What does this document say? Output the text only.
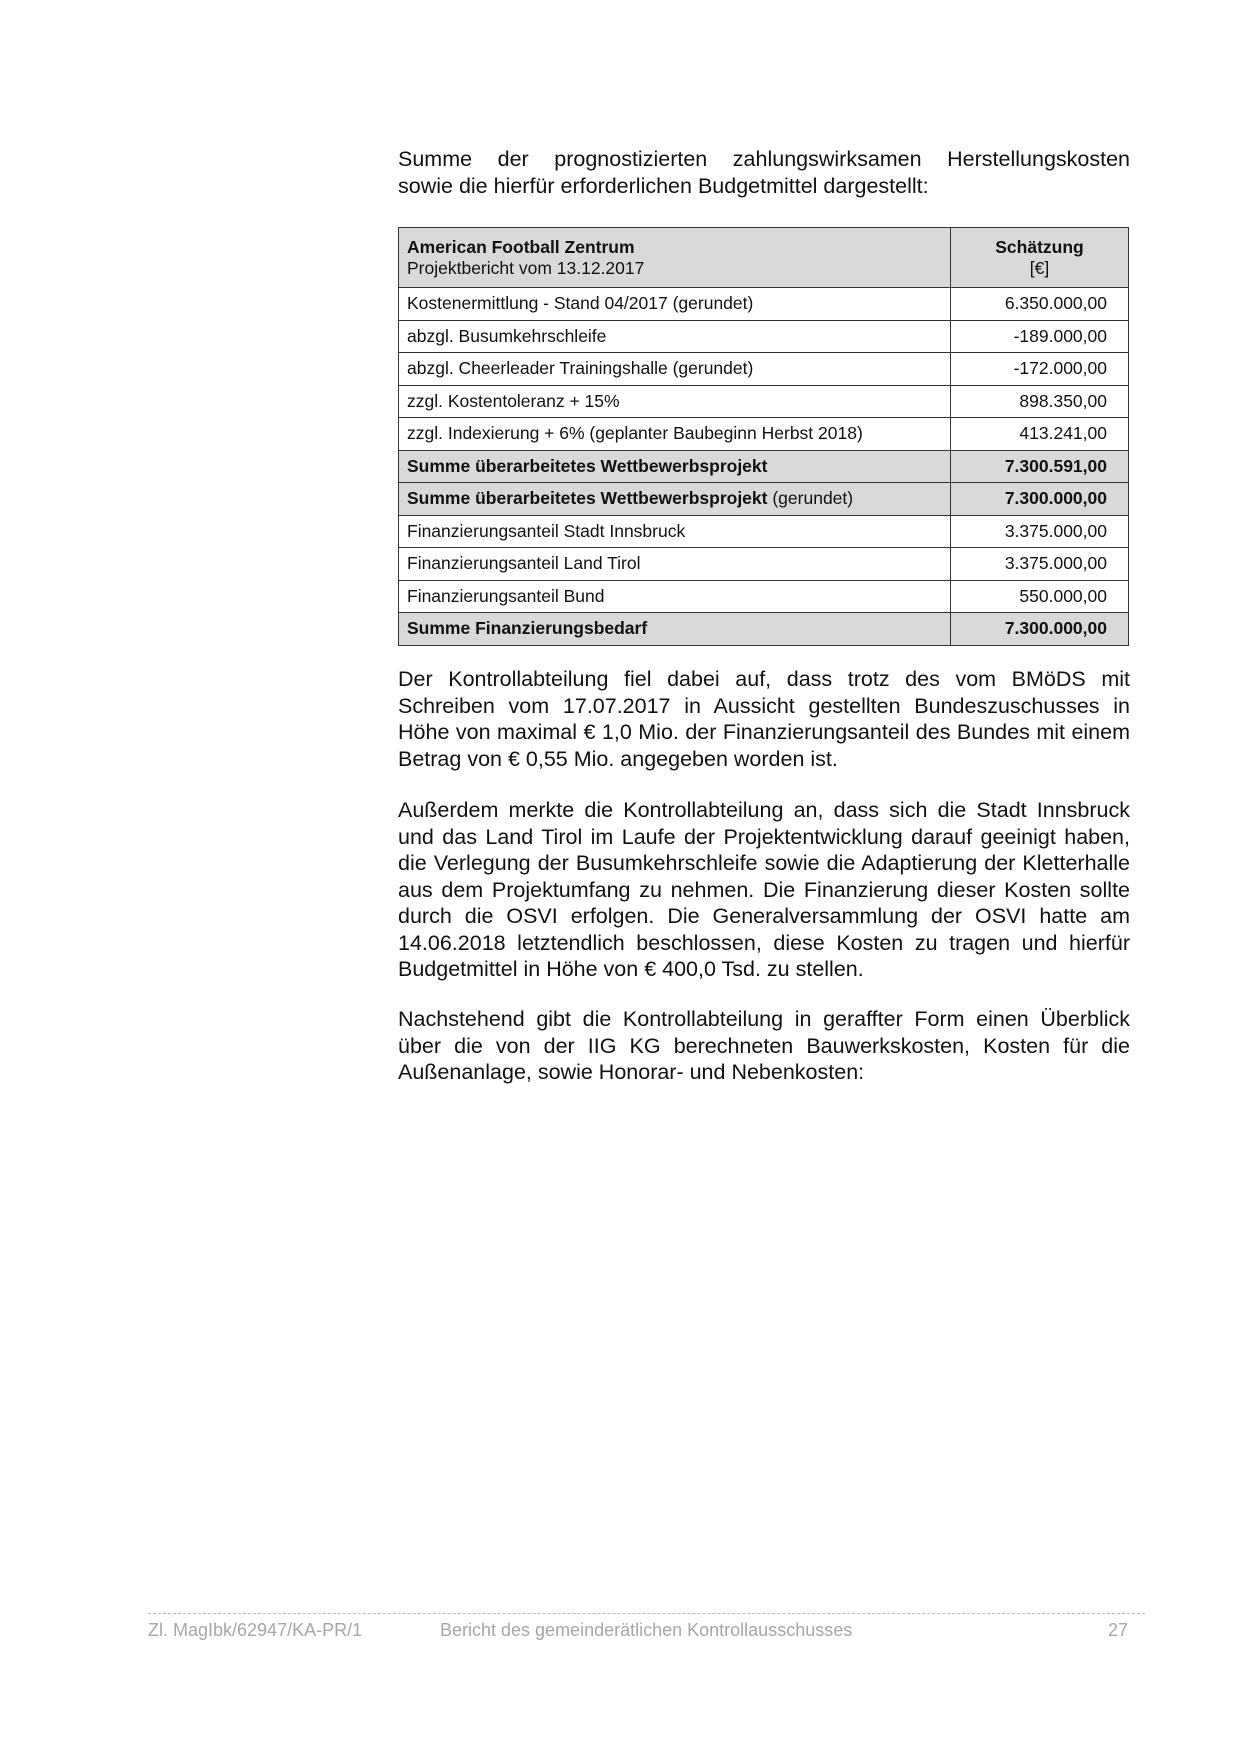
Summe der prognostizierten zahlungswirksamen Herstellungskosten
sowie die hierfür erforderlichen Budgetmittel dargestellt:

American Football Zentrum
Projektbericht vom 13.12.2017	Schätzung
[€]

Kostenermittlung - Stand 04/2017 (gerundet)	6.350.000,00
abzgl. Busumkehrschleife	-189.000,00
abzgl. Cheerleader Trainingshalle (gerundet)	-172.000,00
zzgl. Kostentoleranz + 15%	898.350,00
zzgl. Indexierung + 6% (geplanter Baubeginn Herbst 2018)	413.241,00
Summe überarbeitetes Wettbewerbsprojekt	7.300.591,00
Summe überarbeitetes Wettbewerbsprojekt (gerundet)	7.300.000,00
Finanzierungsanteil Stadt Innsbruck	3.375.000,00
Finanzierungsanteil Land Tirol	3.375.000,00
Finanzierungsanteil Bund	550.000,00
Summe Finanzierungsbedarf	7.300.000,00

Der Kontrollabteilung fiel dabei auf, dass trotz des vom BMöDS mit Schreiben vom 17.07.2017 in Aussicht gestellten Bundeszuschusses in Höhe von maximal € 1,0 Mio. der Finanzierungsanteil des Bundes mit einem Betrag von € 0,55 Mio. angegeben worden ist.

Außerdem merkte die Kontrollabteilung an, dass sich die Stadt Innsbruck und das Land Tirol im Laufe der Projektentwicklung darauf geeinigt haben, die Verlegung der Busumkehrschleife sowie die Adaptierung der Kletterhalle aus dem Projektumfang zu nehmen. Die Finanzierung dieser Kosten sollte durch die OSVI erfolgen. Die Generalversammlung der OSVI hatte am 14.06.2018 letztendlich beschlossen, diese Kosten zu tragen und hierfür Budgetmittel in Höhe von € 400,0 Tsd. zu stellen.

Nachstehend gibt die Kontrollabteilung in geraffter Form einen Überblick über die von der IIG KG berechneten Bauwerkskosten, Kosten für die Außenanlage, sowie Honorar- und Nebenkosten:

Zl. MagIbk/62947/KA-PR/1	Bericht des gemeinderätlichen Kontrollausschusses	27
